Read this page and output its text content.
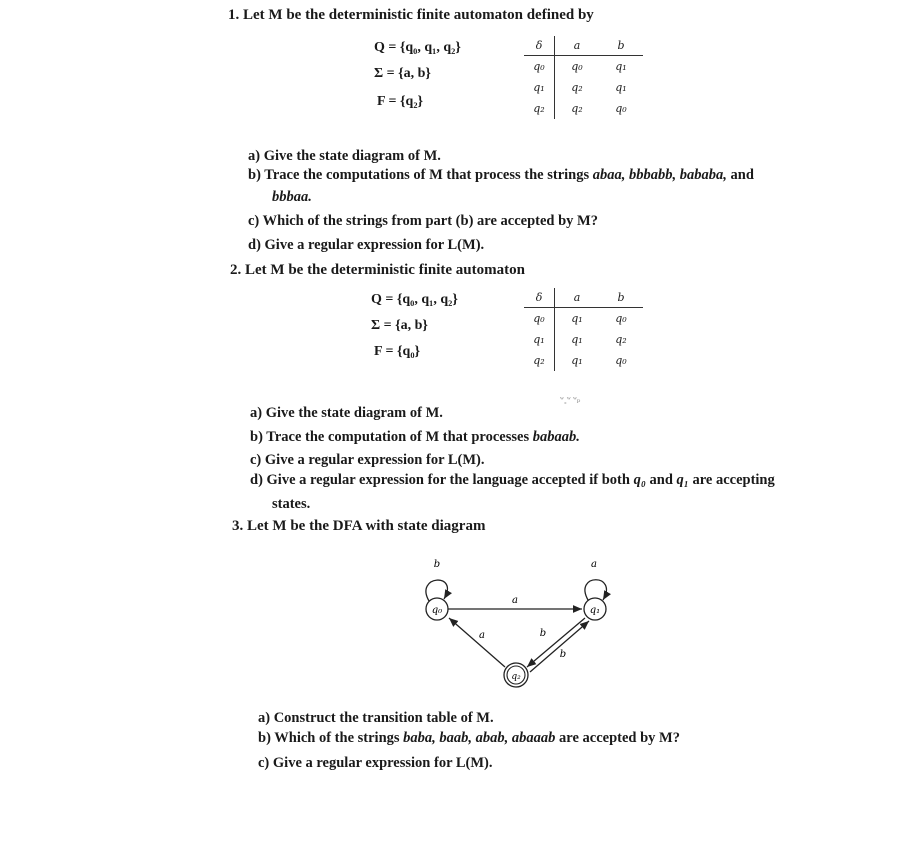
1. Let M be the deterministic finite automaton defined by
Q = {q₀, q₁, q₂}
Σ = {a, b}
F = {q₂}
δ	a	b
q₀	q₀	q₁
q₁	q₂	q₁
q₂	q₂	q₀
a) Give the state diagram of M.
b) Trace the computations of M that process the strings abaa, bbbabb, bababa, and
bbbaa.
c) Which of the strings from part (b) are accepted by M?
d) Give a regular expression for L(M).
2. Let M be the deterministic finite automaton
Q = {q₀, q₁, q₂}
Σ = {a, b}
F = {q₀}
δ	a	b
q₀	q₁	q₀
q₁	q₁	q₂
q₂	q₁	q₀
ʷ˳ʷ ʷₚ
a) Give the state diagram of M.
b) Trace the computation of M that processes babaab.
c) Give a regular expression for L(M).
d) Give a regular expression for the language accepted if both q₀ and q₁ are accepting
states.
3. Let M be the DFA with state diagram
q₀
b
q₁
a
q₂
a
a	b
b
a) Construct the transition table of M.
b) Which of the strings baba, baab, abab, abaaab are accepted by M?
c) Give a regular expression for L(M).
